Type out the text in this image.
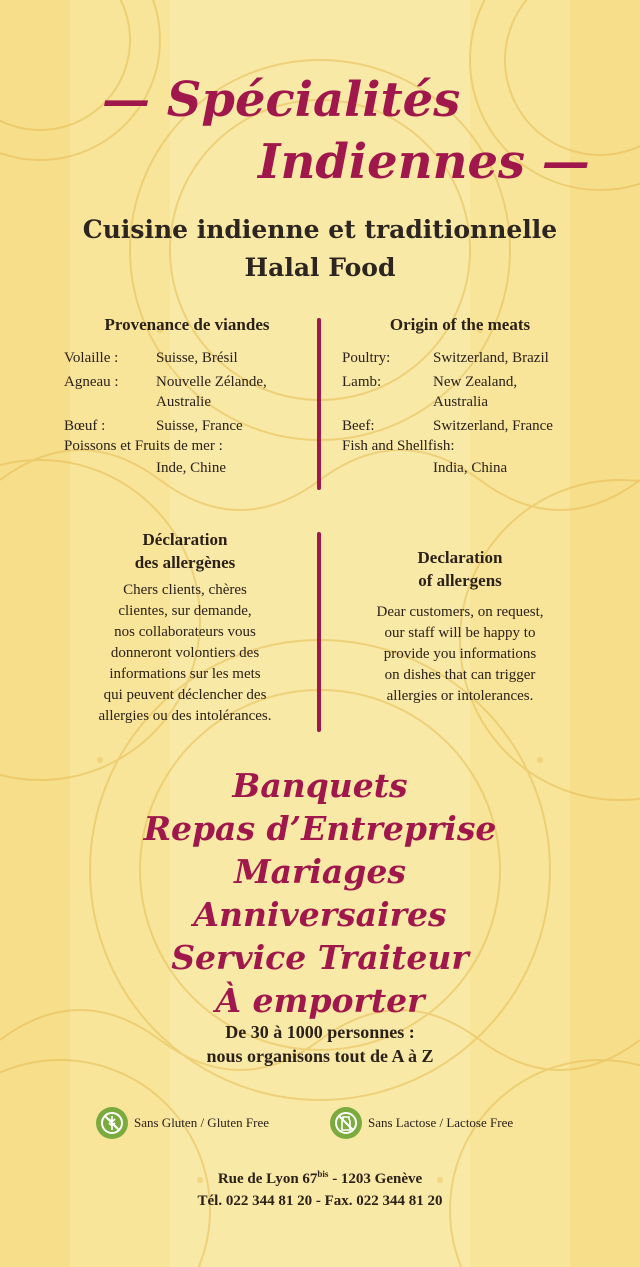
— Spécialités
Indiennes —
Cuisine indienne et traditionnelle
Halal Food
Provenance de viandes
Volaille :	Suisse, Brésil
Agneau : Nouvelle Zélande,
Australie
Bœuf :	Suisse, France
Poissons et Fruits de mer :
Inde, Chine
Origin of the meats
Poultry:	Switzerland, Brazil
Lamb:	New Zealand,
Australia
Beef:	Switzerland, France
Fish and Shellfish:
India, China
Déclaration
des allergènes
Chers clients, chères
clientes, sur demande,
nos collaborateurs vous
donneront volontiers des
informations sur les mets
qui peuvent déclencher des
allergies ou des intolérances.
Declaration
of allergens
Dear customers, on request,
our staff will be happy to
provide you informations
on dishes that can trigger
allergies or intolerances.
Banquets
Repas d’Entreprise
Mariages
Anniversaires
Service Traiteur
À emporter
De 30 à 1000 personnes :
nous organisons tout de A à Z
Sans Gluten / Gluten Free	Sans Lactose / Lactose Free
Rue de Lyon $67^{bis} - 1203$ Genève
Tél. 022 344 81 20 - Fax. 022 344 81 20
